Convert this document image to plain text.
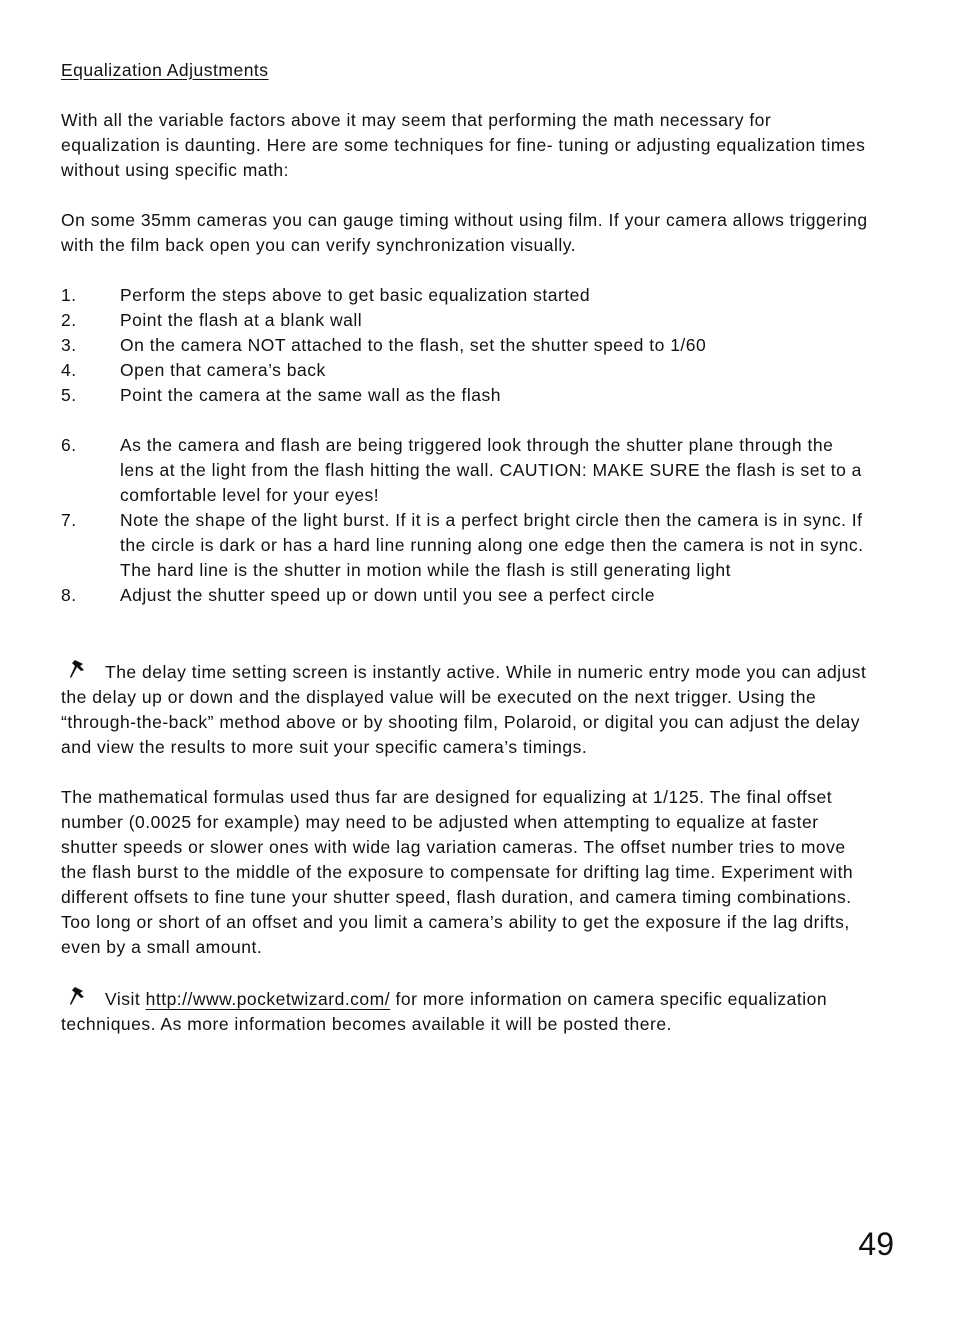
Equalization Adjustments

With all the variable factors above it may seem that performing the math necessary for equalization is daunting. Here are some techniques for fine- tuning or adjusting equalization times without using specific math:

On some 35mm cameras you can gauge timing without using film. If your camera allows triggering with the film back open you can verify synchronization visually.

1.	Perform the steps above to get basic equalization started
2.	Point the flash at a blank wall
3.	On the camera NOT attached to the flash, set the shutter speed to 1/60
4.	Open that camera’s back
5.	Point the camera at the same wall as the flash
6.	As the camera and flash are being triggered look through the shutter plane through the lens at the light from the flash hitting the wall. CAUTION: MAKE SURE the flash is set to a comfortable level for your eyes!
7.	Note the shape of the light burst. If it is a perfect bright circle then the camera is in sync. If the circle is dark or has a hard line running along one edge then the camera is not in sync. The hard line is the shutter in motion while the flash is still generating light
8.	Adjust the shutter speed up or down until you see a perfect circle

The delay time setting screen is instantly active. While in numeric entry mode you can adjust the delay up or down and the displayed value will be executed on the next trigger. Using the “through-the-back” method above or by shooting film, Polaroid, or digital you can adjust the delay and view the results to more suit your specific camera’s timings.

The mathematical formulas used thus far are designed for equalizing at 1/125. The final offset number (0.0025 for example) may need to be adjusted when attempting to equalize at faster shutter speeds or slower ones with wide lag variation cameras. The offset number tries to move the flash burst to the middle of the exposure to compensate for drifting lag time. Experiment with different offsets to fine tune your shutter speed, flash duration, and camera timing combinations. Too long or short of an offset and you limit a camera’s ability to get the exposure if the lag drifts, even by a small amount.

Visit http://www.pocketwizard.com/ for more information on camera specific equalization techniques. As more information becomes available it will be posted there.

49
